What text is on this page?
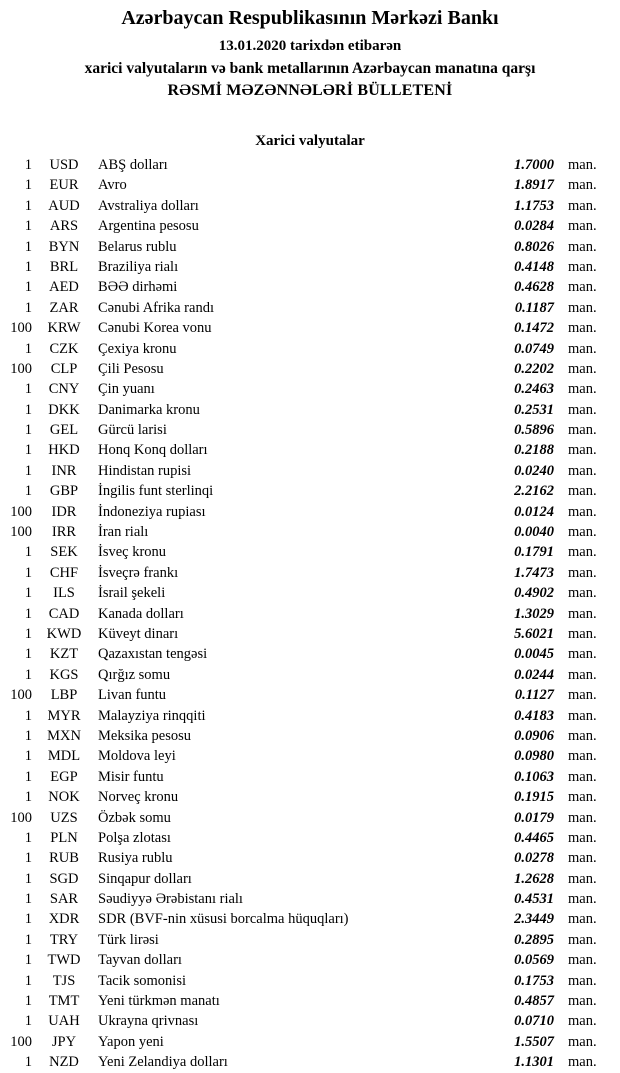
Azərbaycan Respublikasının Mərkəzi Bankı
13.01.2020 tarixdən etibarən
xarici valyutaların və bank metallarının Azərbaycan manatına qarşı
RƏSMİ MƏZƏNNƏLƏRİ BÜLLETENİ
Xarici valyutalar
1	USD	ABŞ dolları	1.7000 man.
1	EUR	Avro	1.8917 man.
1	AUD	Avstraliya dolları	1.1753 man.
1	ARS	Argentina pesosu	0.0284 man.
1	BYN	Belarus rublu	0.8026 man.
1	BRL	Braziliya rialı	0.4148 man.
1	AED	BƏƏ dirhəmi	0.4628 man.
1	ZAR	Cənubi Afrika randı	0.1187 man.
100	KRW	Cənubi Korea vonu	0.1472 man.
1	CZK	Çexiya kronu	0.0749 man.
100	CLP	Çili Pesosu	0.2202 man.
1	CNY	Çin yuanı	0.2463 man.
1	DKK	Danimarka kronu	0.2531 man.
1	GEL	Gürcü larisi	0.5896 man.
1	HKD	Honq Konq dolları	0.2188 man.
1	INR	Hindistan rupisi	0.0240 man.
1	GBP	İngilis funt sterlinqi	2.2162 man.
100	IDR	İndoneziya rupiası	0.0124 man.
100	IRR	İran rialı	0.0040 man.
1	SEK	İsveç kronu	0.1791 man.
1	CHF	İsveçrə frankı	1.7473 man.
1	ILS	İsrail şekeli	0.4902 man.
1	CAD	Kanada dolları	1.3029 man.
1	KWD	Küveyt dinarı	5.6021 man.
1	KZT	Qazaxıstan tengəsi	0.0045 man.
1	KGS	Qırğız somu	0.0244 man.
100	LBP	Livan funtu	0.1127 man.
1	MYR	Malayziya rinqqiti	0.4183 man.
1	MXN	Meksika pesosu	0.0906 man.
1	MDL	Moldova leyi	0.0980 man.
1	EGP	Misir funtu	0.1063 man.
1	NOK	Norveç kronu	0.1915 man.
100	UZS	Özbək somu	0.0179 man.
1	PLN	Polşa zlotası	0.4465 man.
1	RUB	Rusiya rublu	0.0278 man.
1	SGD	Sinqapur dolları	1.2628 man.
1	SAR	Səudiyyə Ərəbistanı rialı	0.4531 man.
1	XDR	SDR (BVF-nin xüsusi borcalma hüquqları)	2.3449 man.
1	TRY	Türk lirəsi	0.2895 man.
1	TWD	Tayvan dolları	0.0569 man.
1	TJS	Tacik somonisi	0.1753 man.
1	TMT	Yeni türkmən manatı	0.4857 man.
1	UAH	Ukrayna qrivnası	0.0710 man.
100	JPY	Yapon yeni	1.5507 man.
1	NZD	Yeni Zelandiya dolları	1.1301 man.
